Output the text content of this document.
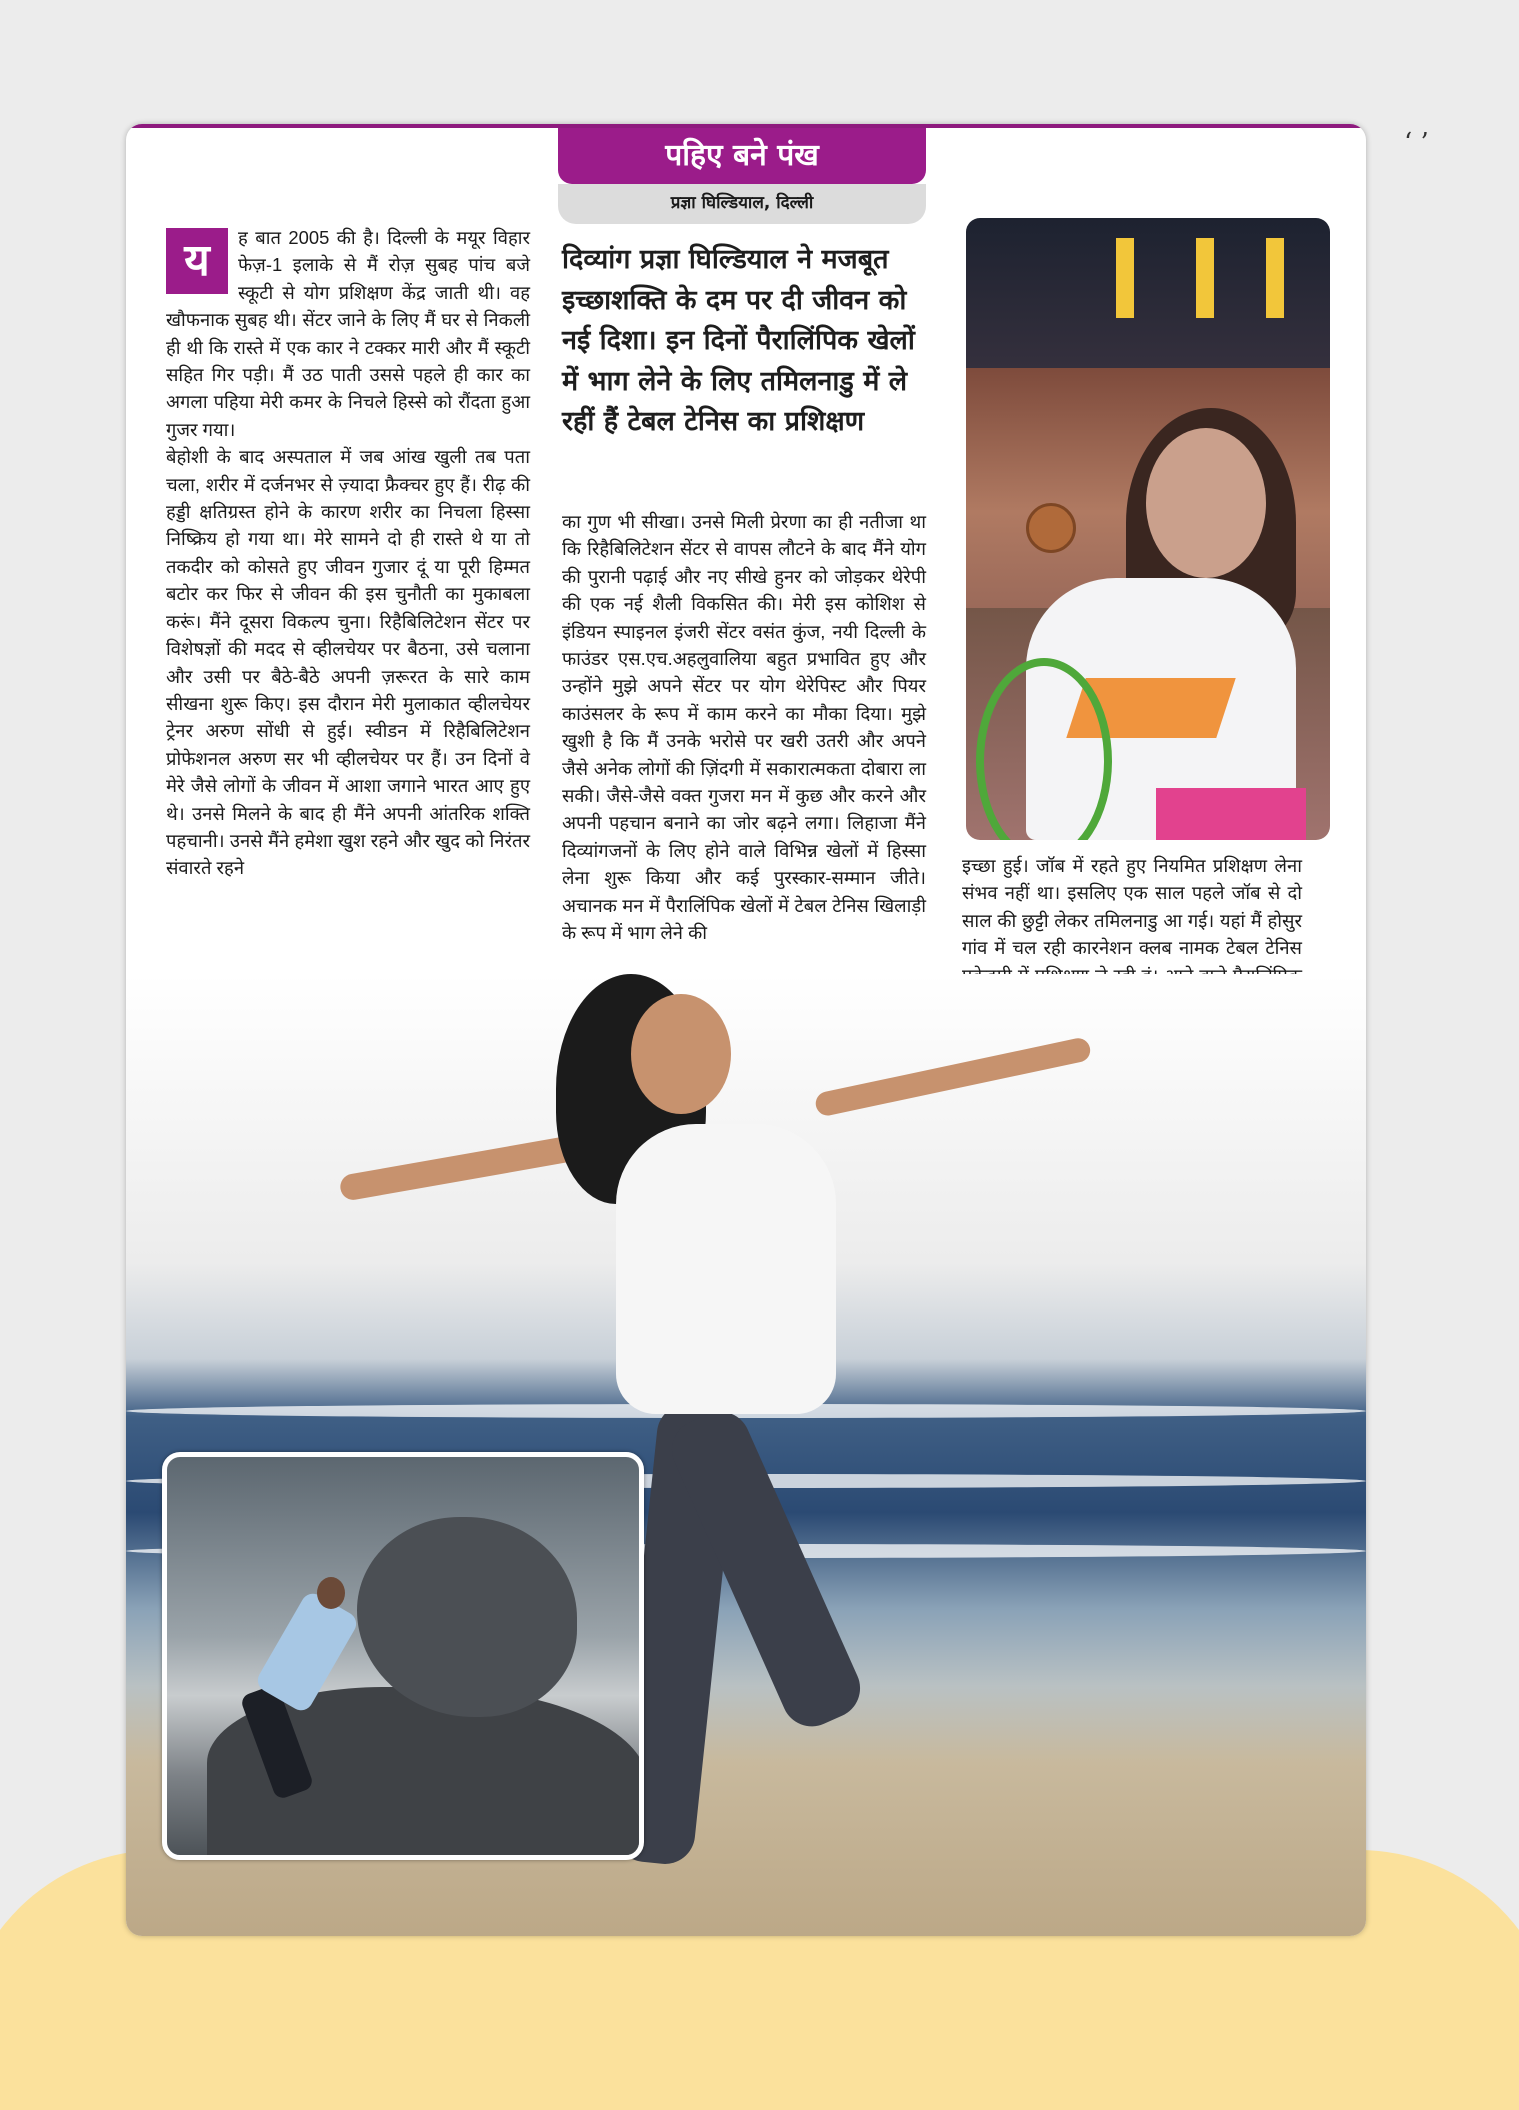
‘ ’
पहिए बने पंख
प्रज्ञा घिल्डियाल, दिल्ली

य	ह बात 2005 की है। दिल्ली के मयूर विहार फेज़-1 इलाके से मैं रोज़ सुबह पांच बजे स्कूटी से योग प्रशिक्षण केंद्र जाती थी। वह खौफनाक सुबह थी। सेंटर जाने के लिए मैं घर से निकली ही थी कि रास्ते में एक कार ने टक्कर मारी और मैं स्कूटी सहित गिर पड़ी। मैं उठ पाती उससे पहले ही कार का अगला पहिया मेरी कमर के निचले हिस्से को रौंदता हुआ गुजर गया।

बेहोशी के बाद अस्पताल में जब आंख खुली तब पता चला, शरीर में दर्जनभर से ज़्यादा फ्रैक्चर हुए हैं। रीढ़ की हड्डी क्षतिग्रस्त होने के कारण शरीर का निचला हिस्सा निष्क्रिय हो गया था। मेरे सामने दो ही रास्ते थे या तो तकदीर को कोसते हुए जीवन गुजार दूं या पूरी हिम्मत बटोर कर फिर से जीवन की इस चुनौती का मुकाबला करूं। मैंने दूसरा विकल्प चुना। रिहैबिलिटेशन सेंटर पर विशेषज्ञों की मदद से व्हीलचेयर पर बैठना, उसे चलाना और उसी पर बैठे-बैठे अपनी ज़रूरत के सारे काम सीखना शुरू किए। इस दौरान मेरी मुलाकात व्हीलचेयर ट्रेनर अरुण सोंधी से हुई। स्वीडन में रिहैबिलिटेशन प्रोफेशनल अरुण सर भी व्हीलचेयर पर हैं। उन दिनों वे मेरे जैसे लोगों के जीवन में आशा जगाने भारत आए हुए थे। उनसे मिलने के बाद ही मैंने अपनी आंतरिक शक्ति पहचानी। उनसे मैंने हमेशा खुश रहने और खुद को निरंतर संवारते रहने

दिव्यांग प्रज्ञा घिल्डियाल ने मजबूत इच्छाशक्ति के दम पर दी जीवन को नई दिशा। इन दिनों पैरालिंपिक खेलों में भाग लेने के लिए तमिलनाडु में ले रहीं हैं टेबल टेनिस का प्रशिक्षण

का गुण भी सीखा। उनसे मिली प्रेरणा का ही नतीजा था कि रिहैबिलिटेशन सेंटर से वापस लौटने के बाद मैंने योग की पुरानी पढ़ाई और नए सीखे हुनर को जोड़कर थेरेपी की एक नई शैली विकसित की। मेरी इस कोशिश से इंडियन स्पाइनल इंजरी सेंटर वसंत कुंज, नयी दिल्ली के फाउंडर एस.एच.अहलुवालिया बहुत प्रभावित हुए और उन्होंने मुझे अपने सेंटर पर योग थेरेपिस्ट और पियर काउंसलर के रूप में काम करने का मौका दिया। मुझे खुशी है कि मैं उनके भरोसे पर खरी उतरी और अपने जैसे अनेक लोगों की ज़िंदगी में सकारात्मकता दोबारा ला सकी। जैसे-जैसे वक्त गुजरा मन में कुछ और करने और अपनी पहचान बनाने का जोर बढ़ने लगा। लिहाजा मैंने दिव्यांगजनों के लिए होने वाले विभिन्न खेलों में हिस्सा लेना शुरू किया और कई पुरस्कार-सम्मान जीते। अचानक मन में पैरालिंपिक खेलों में टेबल टेनिस खिलाड़ी के रूप में भाग लेने की

इच्छा हुई। जॉब में रहते हुए नियमित प्रशिक्षण लेना संभव नहीं था। इसलिए एक साल पहले जॉब से दो साल की छुट्टी लेकर तमिलनाडु आ गई। यहां मैं होसुर गांव में चल रही कारनेशन क्लब नामक टेबल टेनिस
